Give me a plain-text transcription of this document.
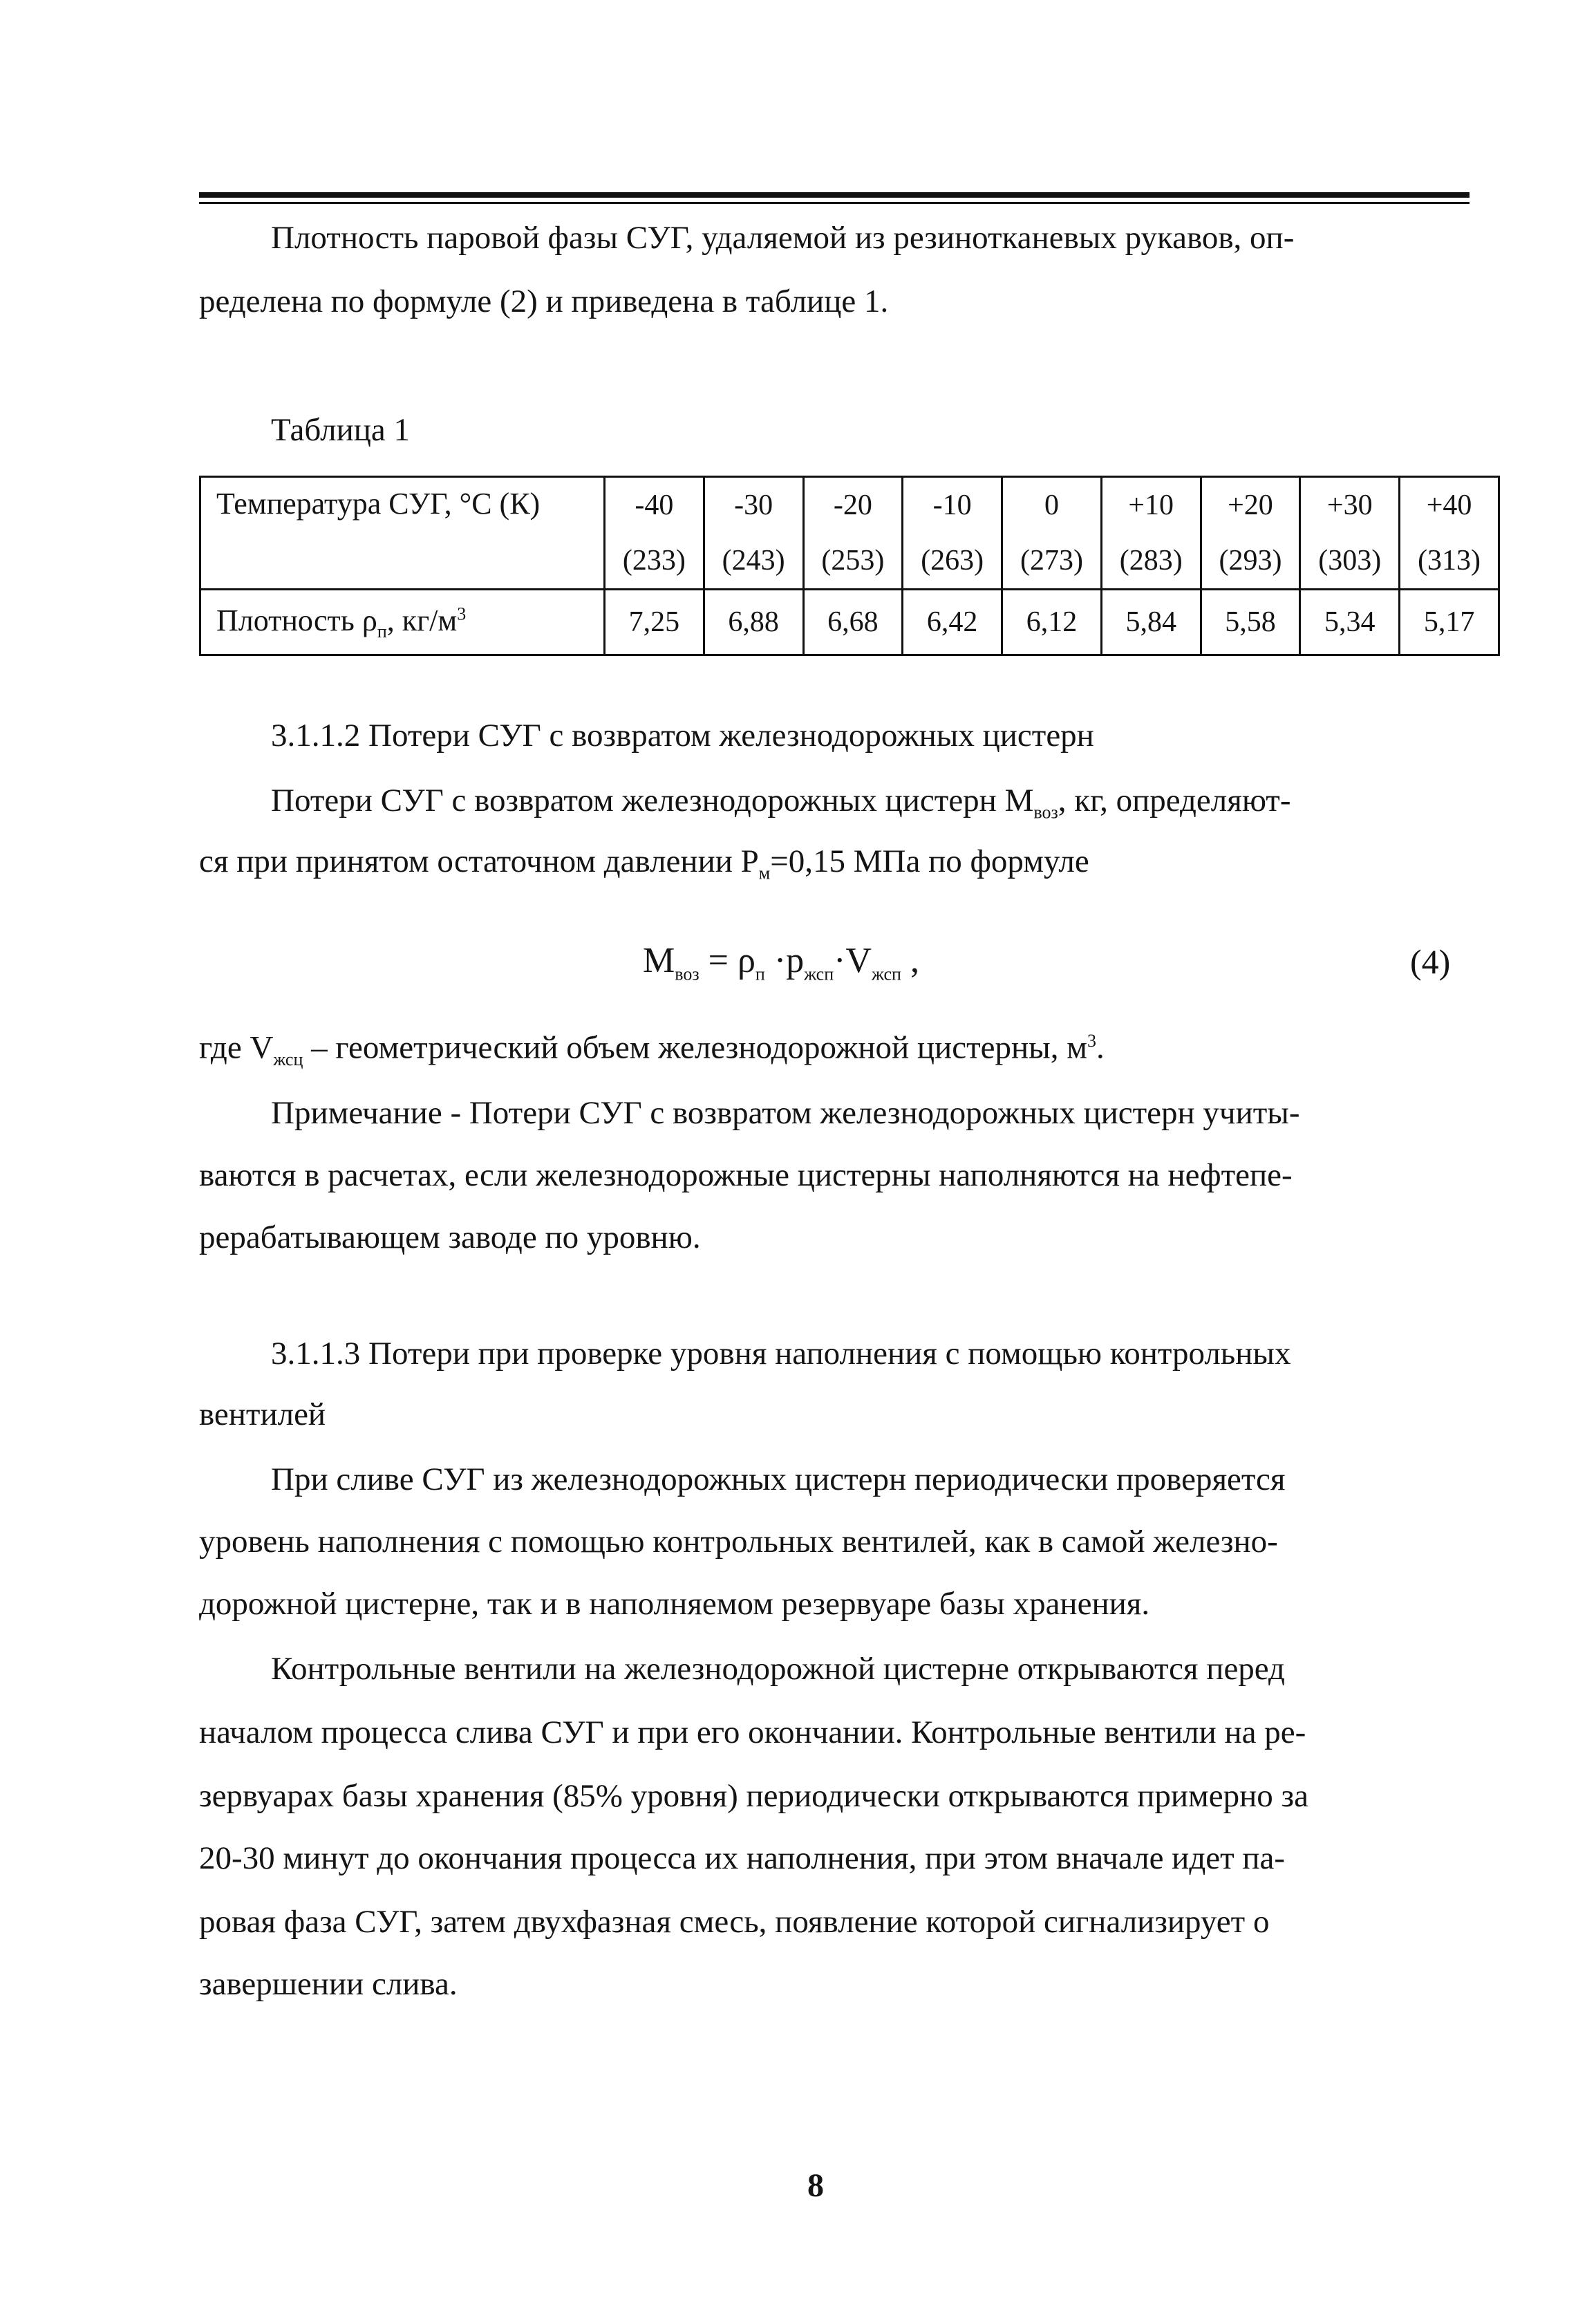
Плотность паровой фазы СУГ, удаляемой из резинотканевых рукавов, оп-

ределена по формуле (2) и приведена в таблице 1.

Таблица 1

Температура СУГ, °С (К)	-40	-30	-20	-10	0	+10	+20	+30	+40
	(233)	(243)	(253)	(263)	(273)	(283)	(293)	(303)	(313)
Плотность $\rho_п$, $кг/м^3$	7,25	6,88	6,68	6,42	6,12	5,84	5,58	5,34	5,17

3.1.1.2 Потери СУГ с возвратом железнодорожных цистерн

Потери СУГ с возвратом железнодорожных цистерн $М_{воз}$, кг, определяют-

ся при принятом остаточном давлении $Р_м=0,15$ МПа по формуле

$М_{воз} = \rho_п \cdot р_{жсп}\cdot V_{жсп}$ ,	(4)

где $V_{жсц}$ – геометрический объем железнодорожной цистерны, $м^3$.

Примечание - Потери СУГ с возвратом железнодорожных цистерн учиты-

ваются в расчетах, если железнодорожные цистерны наполняются на нефтепе-

рерабатывающем заводе по уровню.

3.1.1.3 Потери при проверке уровня наполнения с помощью контрольных

вентилей

При сливе СУГ из железнодорожных цистерн периодически проверяется

уровень наполнения с помощью контрольных вентилей, как в самой железно-

дорожной цистерне, так и в наполняемом резервуаре базы хранения.

Контрольные вентили на железнодорожной цистерне открываются перед

началом процесса слива СУГ и при его окончании. Контрольные вентили на ре-

зервуарах базы хранения (85% уровня) периодически открываются примерно за

20-30 минут до окончания процесса их наполнения, при этом вначале идет па-

ровая фаза СУГ, затем двухфазная смесь, появление которой сигнализирует о

завершении слива.

8
